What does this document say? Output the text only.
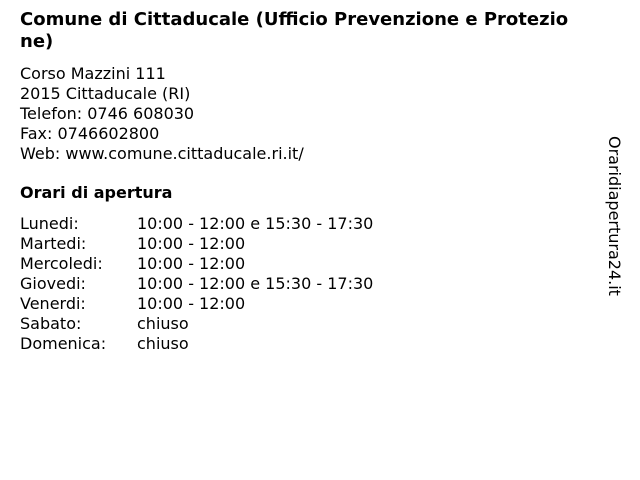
Comune di Cittaducale (Ufficio Prevenzione e Protezione)
Corso Mazzini 111
2015 Cittaducale (RI)
Telefon: 0746 608030
Fax: 0746602800
Web: www.comune.cittaducale.ri.it/
Orari di apertura
Lunedi:	10:00 - 12:00 e 15:30 - 17:30
Martedi:	10:00 - 12:00
Mercoledi:	10:00 - 12:00
Giovedi:	10:00 - 12:00 e 15:30 - 17:30
Venerdi:	10:00 - 12:00
Sabato:	chiuso
Domenica:	chiuso
Oraridiapertura24.it
